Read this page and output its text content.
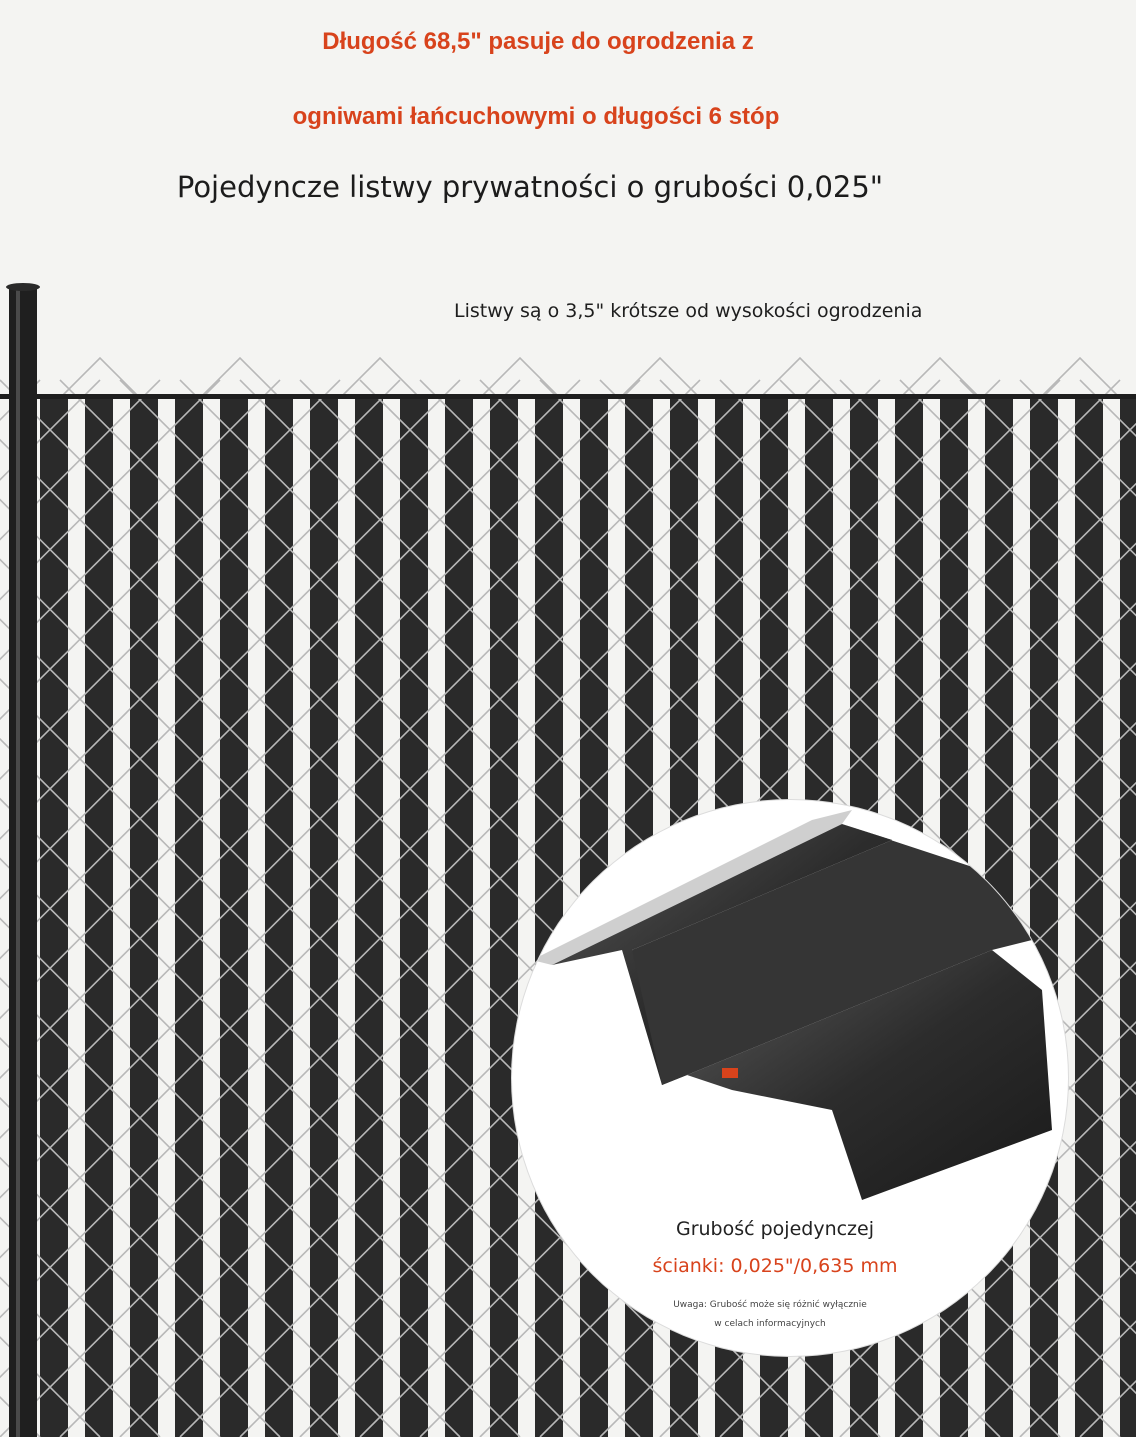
Długość 68,5" pasuje do ogrodzenia z
ogniwami łańcuchowymi o długości 6 stóp
Pojedyncze listwy prywatności o grubości 0,025"
Listwy są o 3,5" krótsze od wysokości ogrodzenia
Grubość pojedynczej
ścianki: 0,025"/0,635 mm
Uwaga: Grubość może się różnić wyłącznie
w celach informacyjnych
